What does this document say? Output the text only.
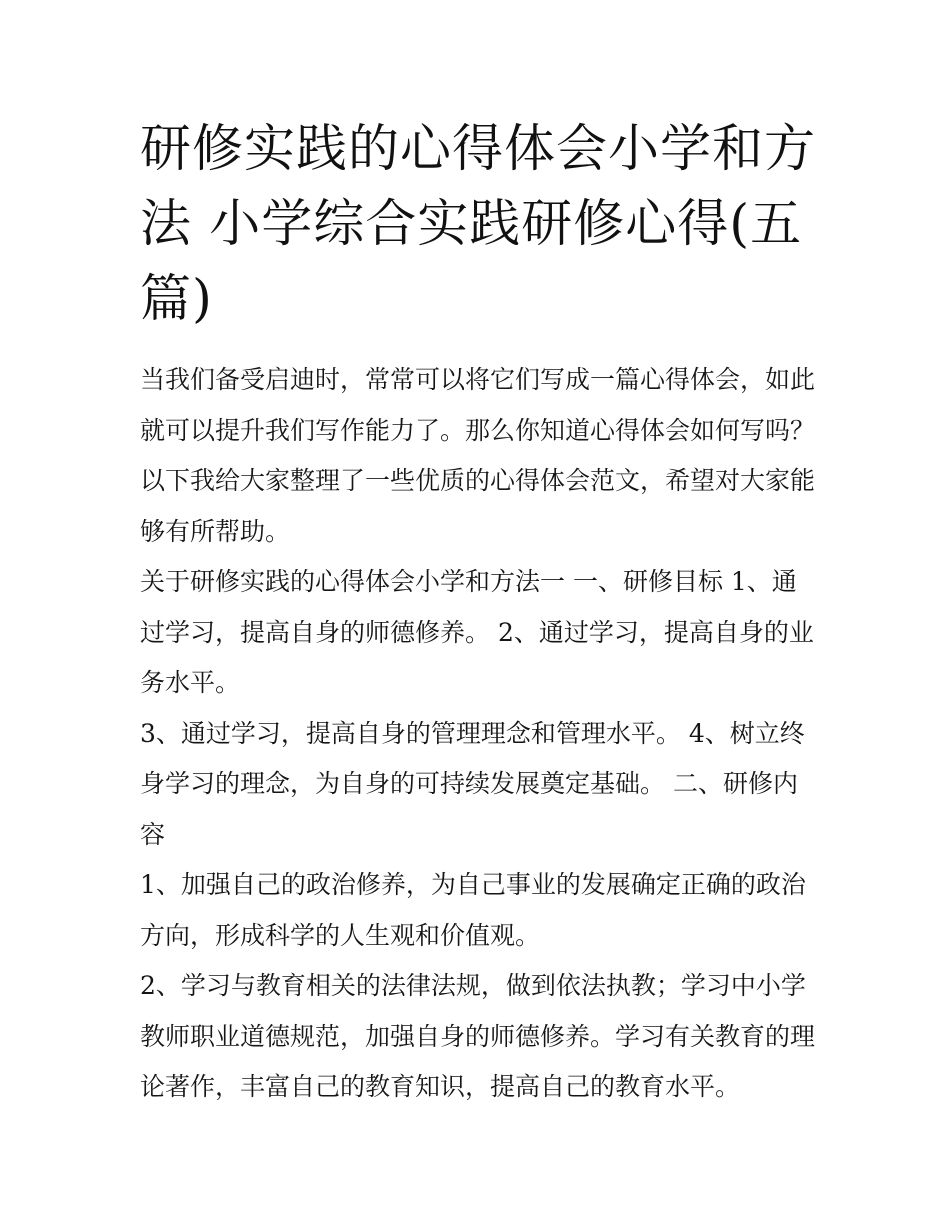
研修实践的心得体会小学和方法 小学综合实践研修心得(五篇)

当我们备受启迪时，常常可以将它们写成一篇心得体会，如此就可以提升我们写作能力了。那么你知道心得体会如何写吗？以下我给大家整理了一些优质的心得体会范文，希望对大家能够有所帮助。

关于研修实践的心得体会小学和方法一 一、研修目标 1、通过学习，提高自身的师德修养。 2、通过学习，提高自身的业务水平。

3、通过学习，提高自身的管理理念和管理水平。 4、树立终身学习的理念，为自身的可持续发展奠定基础。 二、研修内容

1、加强自己的政治修养，为自己事业的发展确定正确的政治方向，形成科学的人生观和价值观。

2、学习与教育相关的法律法规，做到依法执教；学习中小学教师职业道德规范，加强自身的师德修养。学习有关教育的理论著作，丰富自己的教育知识，提高自己的教育水平。
